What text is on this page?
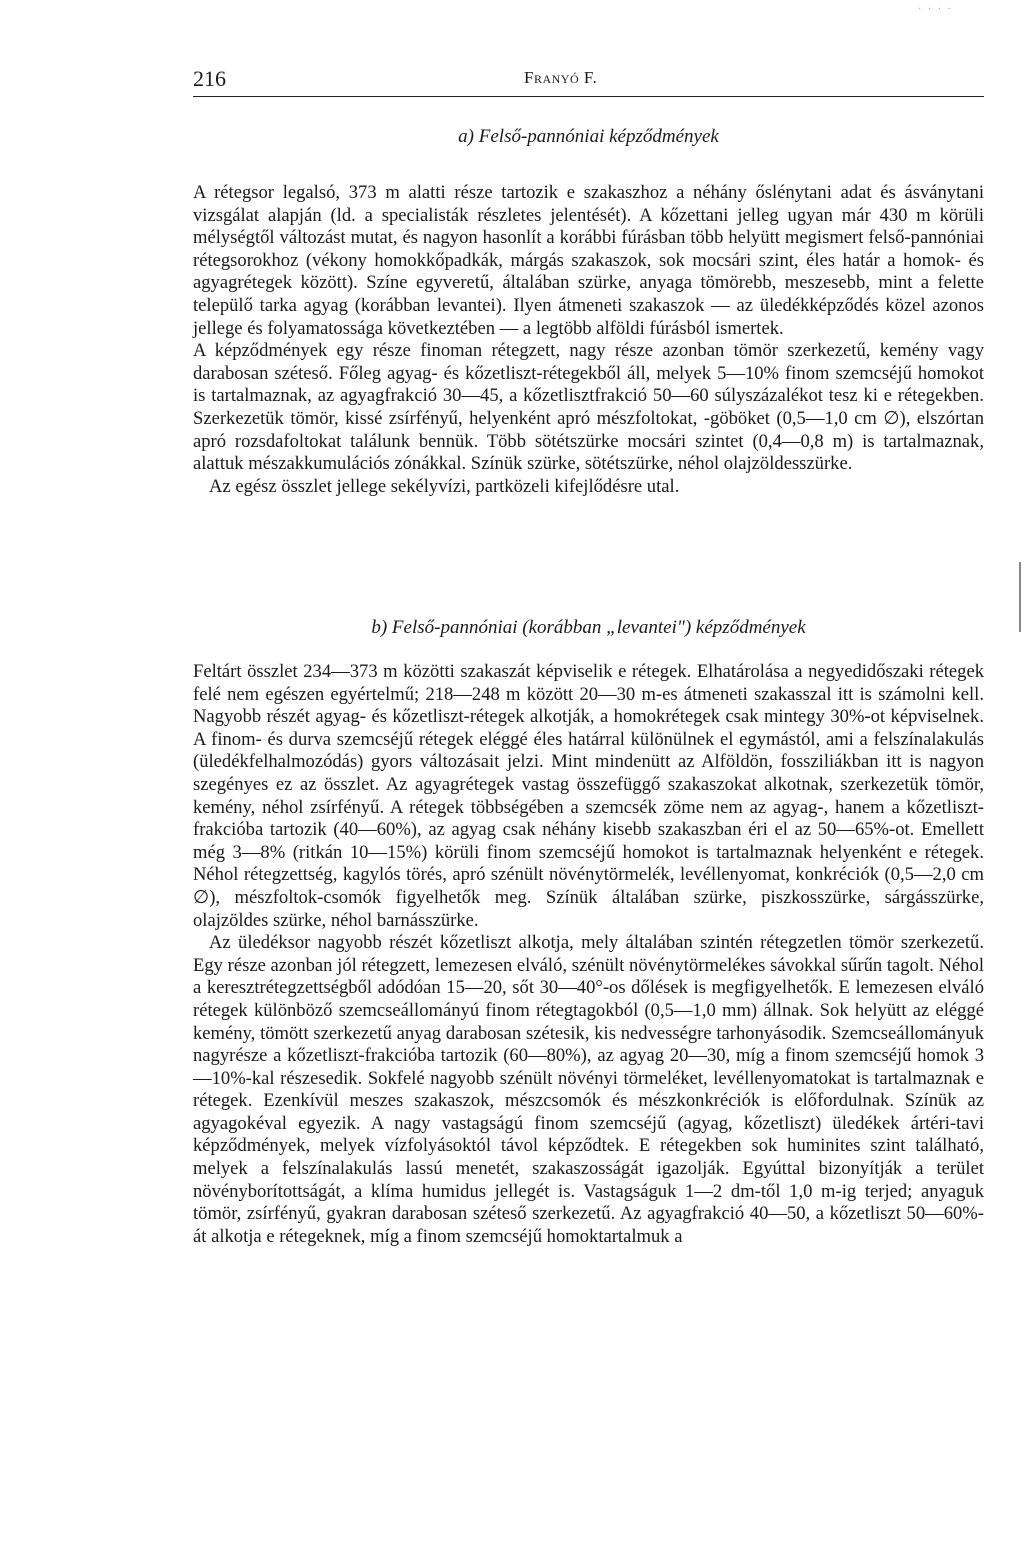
· · · ·
216	Franyó F.
a) Felső-pannóniai képződmények

A rétegsor legalsó, 373 m alatti része tartozik e szakaszhoz a néhány őslénytani adat és ásványtani vizsgálat alapján (ld. a specialisták részletes jelentését). A kőzettani jelleg ugyan már 430 m körüli mélységtől változást mutat, és nagyon hasonlít a korábbi fúrásban több helyütt megismert felső-pannóniai rétegsorokhoz (vékony homokkőpadkák, márgás szakaszok, sok mocsári szint, éles határ a homok- és agyagrétegek között). Színe egyveretű, általában szürke, anyaga tömörebb, meszesebb, mint a felette települő tarka agyag (korábban levantei). Ilyen átmeneti szakaszok — az üledékképződés közel azonos jellege és folyamatossága következtében — a legtöbb alföldi fúrásból ismertek.

A képződmények egy része finoman rétegzett, nagy része azonban tömör szerkezetű, kemény vagy darabosan széteső. Főleg agyag- és kőzetliszt-rétegekből áll, melyek 5—10% finom szemcséjű homokot is tartalmaznak, az agyagfrakció 30—45, a kőzetlisztfrakció 50—60 súlyszázalékot tesz ki e rétegekben. Szerkezetük tömör, kissé zsírfényű, helyenként apró mészfoltokat, -göböket (0,5—1,0 cm ∅), elszórtan apró rozsdafoltokat találunk bennük. Több sötétszürke mocsári szintet (0,4—0,8 m) is tartalmaznak, alattuk mészakkumulációs zónákkal. Színük szürke, sötétszürke, néhol olajzöldesszürke.

Az egész összlet jellege sekélyvízi, partközeli kifejlődésre utal.

b) Felső-pannóniai (korábban „levantei") képződmények

Feltárt összlet 234—373 m közötti szakaszát képviselik e rétegek. Elhatárolása a negyedidőszaki rétegek felé nem egészen egyértelmű; 218—248 m között 20—30 m-es átmeneti szakasszal itt is számolni kell. Nagyobb részét agyag- és kőzetliszt-rétegek alkotják, a homokrétegek csak mintegy 30%-ot képviselnek. A finom- és durva szemcséjű rétegek eléggé éles határral különülnek el egymástól, ami a felszínalakulás (üledékfelhalmozódás) gyors változásait jelzi. Mint mindenütt az Alföldön, fossziliákban itt is nagyon szegényes ez az összlet. Az agyagrétegek vastag összefüggő szakaszokat alkotnak, szerkezetük tömör, kemény, néhol zsírfényű. A rétegek többségében a szemcsék zöme nem az agyag-, hanem a kőzetliszt-frakcióba tartozik (40—60%), az agyag csak néhány kisebb szakaszban éri el az 50—65%-ot. Emellett még 3—8% (ritkán 10—15%) körüli finom szemcséjű homokot is tartalmaznak helyenként e rétegek. Néhol rétegzettség, kagylós törés, apró szénült növénytörmelék, levéllenyomat, konkréciók (0,5—2,0 cm ∅), mészfoltok-csomók figyelhetők meg. Színük általában szürke, piszkosszürke, sárgásszürke, olajzöldes szürke, néhol barnásszürke.

Az üledéksor nagyobb részét kőzetliszt alkotja, mely általában szintén rétegzetlen tömör szerkezetű. Egy része azonban jól rétegzett, lemezesen elváló, szénült növénytörmelékes sávokkal sűrűn tagolt. Néhol a keresztrétegzettségből adódóan 15—20, sőt 30—40°-os dőlések is megfigyelhetők. E lemezesen elváló rétegek különböző szemcseállományú finom rétegtagokból (0,5—1,0 mm) állnak. Sok helyütt az eléggé kemény, tömött szerkezetű anyag darabosan szétesik, kis nedvességre tarhonyásodik. Szemcseállományuk nagyrésze a kőzetliszt-frakcióba tartozik (60—80%), az agyag 20—30, míg a finom szemcséjű homok 3—10%-kal részesedik. Sokfelé nagyobb szénült növényi törmeléket, levéllenyomatokat is tartalmaznak e rétegek. Ezenkívül meszes szakaszok, mészcsomók és mészkonkréciók is előfordulnak. Színük az agyagokéval egyezik. A nagy vastagságú finom szemcséjű (agyag, kőzetliszt) üledékek ártéri-tavi képződmények, melyek vízfolyásoktól távol képződtek. E rétegekben sok huminites szint található, melyek a felszínalakulás lassú menetét, szakaszosságát igazolják. Egyúttal bizonyítják a terület növényborítottságát, a klíma humidus jellegét is. Vastagságuk 1—2 dm-től 1,0 m-ig terjed; anyaguk tömör, zsírfényű, gyakran darabosan széteső szerkezetű. Az agyagfrakció 40—50, a kőzetliszt 50—60%-át alkotja e rétegeknek, míg a finom szemcséjű homoktartalmuk a
